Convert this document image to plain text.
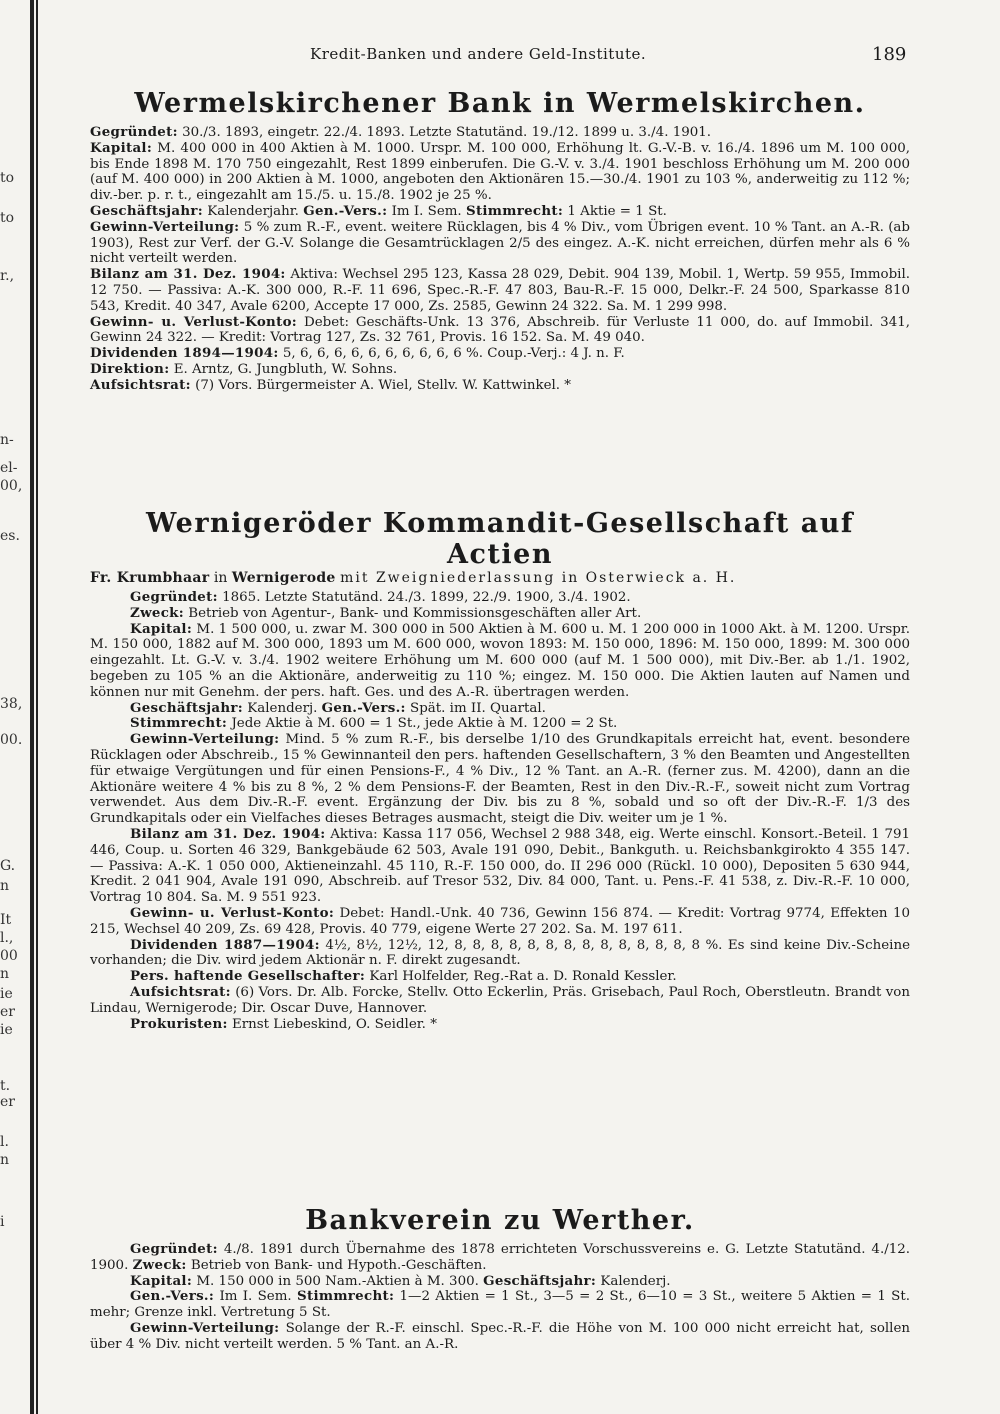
to
to
r.,
n-
el-
00,
es.
38,
00.
G.
n
It
l.,
00
n
ie
er
ie
t.
er
l.
n
i
Kredit-Banken und andere Geld-Institute.	189
Wermelskirchener Bank in Wermelskirchen.

Gegründet: 30./3. 1893, eingetr. 22./4. 1893. Letzte Statutänd. 19./12. 1899 u. 3./4. 1901.

Kapital: M. 400 000 in 400 Aktien à M. 1000. Urspr. M. 100 000, Erhöhung lt. G.-V.-B. v. 16./4. 1896 um M. 100 000, bis Ende 1898 M. 170 750 eingezahlt, Rest 1899 einberufen. Die G.-V. v. 3./4. 1901 beschloss Erhöhung um M. 200 000 (auf M. 400 000) in 200 Aktien à M. 1000, angeboten den Aktionären 15.—30./4. 1901 zu 103 %, anderweitig zu 112 %; div.-ber. p. r. t., eingezahlt am 15./5. u. 15./8. 1902 je 25 %.

Geschäftsjahr: Kalenderjahr. Gen.-Vers.: Im I. Sem. Stimmrecht: 1 Aktie = 1 St.

Gewinn-Verteilung: 5 % zum R.-F., event. weitere Rücklagen, bis 4 % Div., vom Übrigen event. 10 % Tant. an A.-R. (ab 1903), Rest zur Verf. der G.-V. Solange die Gesamtrücklagen 2/5 des eingez. A.-K. nicht erreichen, dürfen mehr als 6 % nicht verteilt werden.

Bilanz am 31. Dez. 1904: Aktiva: Wechsel 295 123, Kassa 28 029, Debit. 904 139, Mobil. 1, Wertp. 59 955, Immobil. 12 750. — Passiva: A.-K. 300 000, R.-F. 11 696, Spec.-R.-F. 47 803, Bau-R.-F. 15 000, Delkr.-F. 24 500, Sparkasse 810 543, Kredit. 40 347, Avale 6200, Accepte 17 000, Zs. 2585, Gewinn 24 322. Sa. M. 1 299 998.

Gewinn- u. Verlust-Konto: Debet: Geschäfts-Unk. 13 376, Abschreib. für Verluste 11 000, do. auf Immobil. 341, Gewinn 24 322. — Kredit: Vortrag 127, Zs. 32 761, Provis. 16 152. Sa. M. 49 040.

Dividenden 1894—1904: 5, 6, 6, 6, 6, 6, 6, 6, 6, 6, 6 %. Coup.-Verj.: 4 J. n. F.

Direktion: E. Arntz, G. Jungbluth, W. Sohns.

Aufsichtsrat: (7) Vors. Bürgermeister A. Wiel, Stellv. W. Kattwinkel. *

Wernigeröder Kommandit-Gesellschaft auf Actien

Fr. Krumbhaar in Wernigerode mit Zweigniederlassung in Osterwieck a. H.

Gegründet: 1865. Letzte Statutänd. 24./3. 1899, 22./9. 1900, 3./4. 1902.

Zweck: Betrieb von Agentur-, Bank- und Kommissionsgeschäften aller Art.

Kapital: M. 1 500 000, u. zwar M. 300 000 in 500 Aktien à M. 600 u. M. 1 200 000 in 1000 Akt. à M. 1200. Urspr. M. 150 000, 1882 auf M. 300 000, 1893 um M. 600 000, wovon 1893: M. 150 000, 1896: M. 150 000, 1899: M. 300 000 eingezahlt. Lt. G.-V. v. 3./4. 1902 weitere Erhöhung um M. 600 000 (auf M. 1 500 000), mit Div.-Ber. ab 1./1. 1902, begeben zu 105 % an die Aktionäre, anderweitig zu 110 %; eingez. M. 150 000. Die Aktien lauten auf Namen und können nur mit Genehm. der pers. haft. Ges. und des A.-R. übertragen werden.

Geschäftsjahr: Kalenderj. Gen.-Vers.: Spät. im II. Quartal.

Stimmrecht: Jede Aktie à M. 600 = 1 St., jede Aktie à M. 1200 = 2 St.

Gewinn-Verteilung: Mind. 5 % zum R.-F., bis derselbe 1/10 des Grundkapitals erreicht hat, event. besondere Rücklagen oder Abschreib., 15 % Gewinnanteil den pers. haftenden Gesellschaftern, 3 % den Beamten und Angestellten für etwaige Vergütungen und für einen Pensions-F., 4 % Div., 12 % Tant. an A.-R. (ferner zus. M. 4200), dann an die Aktionäre weitere 4 % bis zu 8 %, 2 % dem Pensions-F. der Beamten, Rest in den Div.-R.-F., soweit nicht zum Vortrag verwendet. Aus dem Div.-R.-F. event. Ergänzung der Div. bis zu 8 %, sobald und so oft der Div.-R.-F. 1/3 des Grundkapitals oder ein Vielfaches dieses Betrages ausmacht, steigt die Div. weiter um je 1 %.

Bilanz am 31. Dez. 1904: Aktiva: Kassa 117 056, Wechsel 2 988 348, eig. Werte einschl. Konsort.-Beteil. 1 791 446, Coup. u. Sorten 46 329, Bankgebäude 62 503, Avale 191 090, Debit., Bankguth. u. Reichsbankgirokto 4 355 147. — Passiva: A.-K. 1 050 000, Aktieneinzahl. 45 110, R.-F. 150 000, do. II 296 000 (Rückl. 10 000), Depositen 5 630 944, Kredit. 2 041 904, Avale 191 090, Abschreib. auf Tresor 532, Div. 84 000, Tant. u. Pens.-F. 41 538, z. Div.-R.-F. 10 000, Vortrag 10 804. Sa. M. 9 551 923.

Gewinn- u. Verlust-Konto: Debet: Handl.-Unk. 40 736, Gewinn 156 874. — Kredit: Vortrag 9774, Effekten 10 215, Wechsel 40 209, Zs. 69 428, Provis. 40 779, eigene Werte 27 202. Sa. M. 197 611.

Dividenden 1887—1904: 4½, 8½, 12½, 12, 8, 8, 8, 8, 8, 8, 8, 8, 8, 8, 8, 8, 8, 8 %. Es sind keine Div.-Scheine vorhanden; die Div. wird jedem Aktionär n. F. direkt zugesandt.

Pers. haftende Gesellschafter: Karl Holfelder, Reg.-Rat a. D. Ronald Kessler.

Aufsichtsrat: (6) Vors. Dr. Alb. Forcke, Stellv. Otto Eckerlin, Präs. Grisebach, Paul Roch, Oberstleutn. Brandt von Lindau, Wernigerode; Dir. Oscar Duve, Hannover.

Prokuristen: Ernst Liebeskind, O. Seidler. *

Bankverein zu Werther.

Gegründet: 4./8. 1891 durch Übernahme des 1878 errichteten Vorschussvereins e. G. Letzte Statutänd. 4./12. 1900. Zweck: Betrieb von Bank- und Hypoth.-Geschäften.

Kapital: M. 150 000 in 500 Nam.-Aktien à M. 300. Geschäftsjahr: Kalenderj.

Gen.-Vers.: Im I. Sem. Stimmrecht: 1—2 Aktien = 1 St., 3—5 = 2 St., 6—10 = 3 St., weitere 5 Aktien = 1 St. mehr; Grenze inkl. Vertretung 5 St.

Gewinn-Verteilung: Solange der R.-F. einschl. Spec.-R.-F. die Höhe von M. 100 000 nicht erreicht hat, sollen über 4 % Div. nicht verteilt werden. 5 % Tant. an A.-R.
